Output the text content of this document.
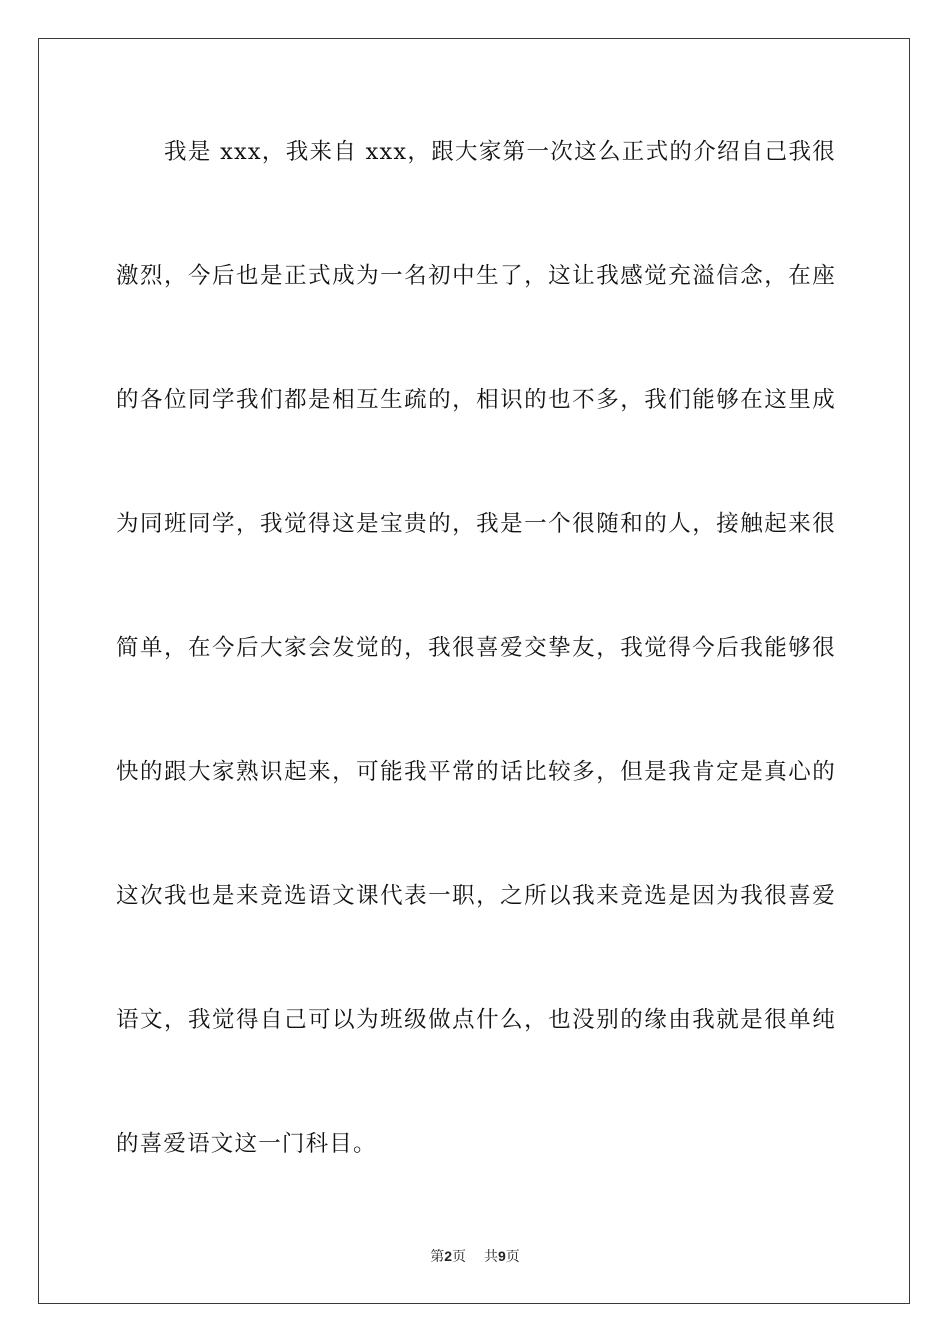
我是 xxx，我来自 xxx，跟大家第一次这么正式的介绍自己我很
激烈，今后也是正式成为一名初中生了，这让我感觉充溢信念，在座
的各位同学我们都是相互生疏的，相识的也不多，我们能够在这里成
为同班同学，我觉得这是宝贵的，我是一个很随和的人，接触起来很
简单，在今后大家会发觉的，我很喜爱交挚友，我觉得今后我能够很
快的跟大家熟识起来，可能我平常的话比较多，但是我肯定是真心的
这次我也是来竞选语文课代表一职，之所以我来竞选是因为我很喜爱
语文，我觉得自己可以为班级做点什么，也没别的缘由我就是很单纯
的喜爱语文这一门科目。
第2页 共9页
